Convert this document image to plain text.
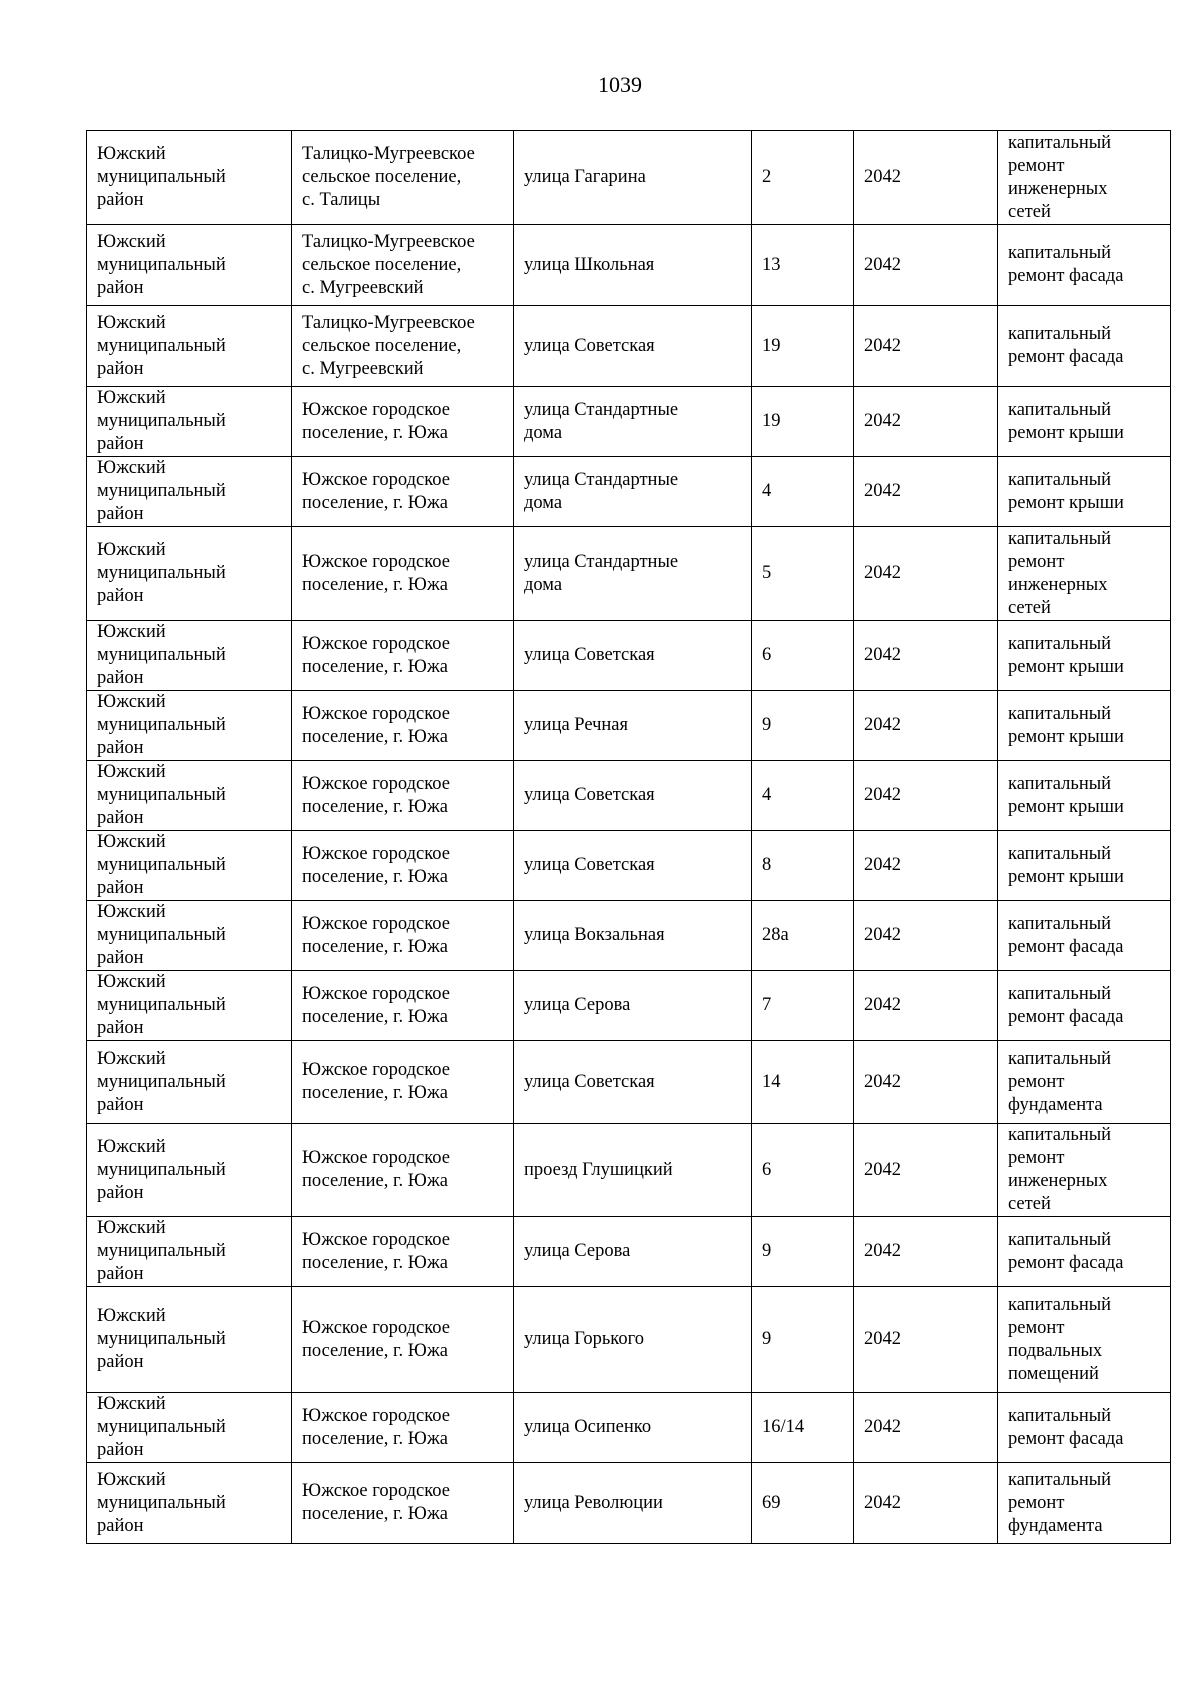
1039
Южский
муниципальный
район	Талицко-Мугреевское
сельское поселение,
с. Талицы	улица Гагарина	2	2042	капитальный
ремонт
инженерных
сетей
Южский
муниципальный
район	Талицко-Мугреевское
сельское поселение,
с. Мугреевский	улица Школьная	13	2042	капитальный
ремонт фасада
Южский
муниципальный
район	Талицко-Мугреевское
сельское поселение,
с. Мугреевский	улица Советская	19	2042	капитальный
ремонт фасада
Южский
муниципальный
район	Южское городское
поселение, г. Южа	улица Стандартные
дома	19	2042	капитальный
ремонт крыши
Южский
муниципальный
район	Южское городское
поселение, г. Южа	улица Стандартные
дома	4	2042	капитальный
ремонт крыши
Южский
муниципальный
район	Южское городское
поселение, г. Южа	улица Стандартные
дома	5	2042	капитальный
ремонт
инженерных
сетей
Южский
муниципальный
район	Южское городское
поселение, г. Южа	улица Советская	6	2042	капитальный
ремонт крыши
Южский
муниципальный
район	Южское городское
поселение, г. Южа	улица Речная	9	2042	капитальный
ремонт крыши
Южский
муниципальный
район	Южское городское
поселение, г. Южа	улица Советская	4	2042	капитальный
ремонт крыши
Южский
муниципальный
район	Южское городское
поселение, г. Южа	улица Советская	8	2042	капитальный
ремонт крыши
Южский
муниципальный
район	Южское городское
поселение, г. Южа	улица Вокзальная	28а	2042	капитальный
ремонт фасада
Южский
муниципальный
район	Южское городское
поселение, г. Южа	улица Серова	7	2042	капитальный
ремонт фасада
Южский
муниципальный
район	Южское городское
поселение, г. Южа	улица Советская	14	2042	капитальный
ремонт
фундамента
Южский
муниципальный
район	Южское городское
поселение, г. Южа	проезд Глушицкий	6	2042	капитальный
ремонт
инженерных
сетей
Южский
муниципальный
район	Южское городское
поселение, г. Южа	улица Серова	9	2042	капитальный
ремонт фасада
Южский
муниципальный
район	Южское городское
поселение, г. Южа	улица Горького	9	2042	капитальный
ремонт
подвальных
помещений
Южский
муниципальный
район	Южское городское
поселение, г. Южа	улица Осипенко	16/14	2042	капитальный
ремонт фасада
Южский
муниципальный
район	Южское городское
поселение, г. Южа	улица Революции	69	2042	капитальный
ремонт
фундамента
